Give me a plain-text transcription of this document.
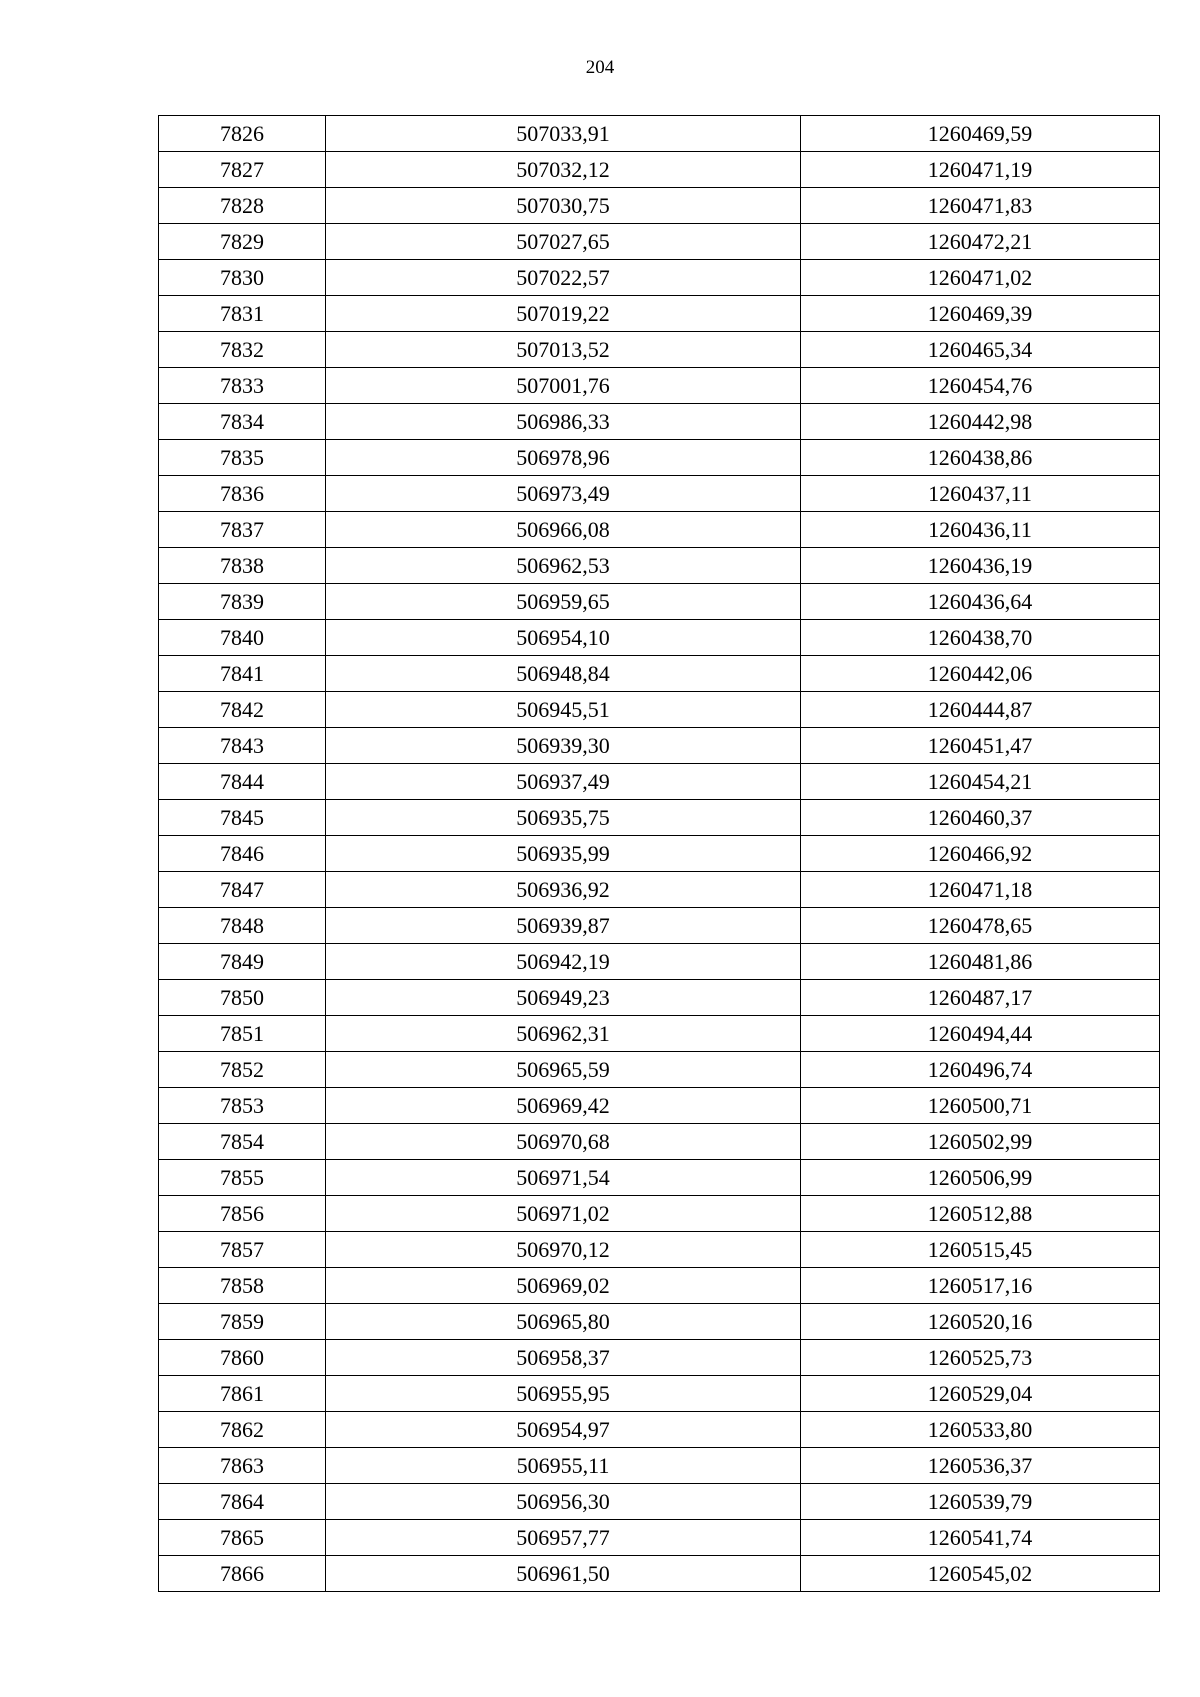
204
7826	507033,91	1260469,59
7827	507032,12	1260471,19
7828	507030,75	1260471,83
7829	507027,65	1260472,21
7830	507022,57	1260471,02
7831	507019,22	1260469,39
7832	507013,52	1260465,34
7833	507001,76	1260454,76
7834	506986,33	1260442,98
7835	506978,96	1260438,86
7836	506973,49	1260437,11
7837	506966,08	1260436,11
7838	506962,53	1260436,19
7839	506959,65	1260436,64
7840	506954,10	1260438,70
7841	506948,84	1260442,06
7842	506945,51	1260444,87
7843	506939,30	1260451,47
7844	506937,49	1260454,21
7845	506935,75	1260460,37
7846	506935,99	1260466,92
7847	506936,92	1260471,18
7848	506939,87	1260478,65
7849	506942,19	1260481,86
7850	506949,23	1260487,17
7851	506962,31	1260494,44
7852	506965,59	1260496,74
7853	506969,42	1260500,71
7854	506970,68	1260502,99
7855	506971,54	1260506,99
7856	506971,02	1260512,88
7857	506970,12	1260515,45
7858	506969,02	1260517,16
7859	506965,80	1260520,16
7860	506958,37	1260525,73
7861	506955,95	1260529,04
7862	506954,97	1260533,80
7863	506955,11	1260536,37
7864	506956,30	1260539,79
7865	506957,77	1260541,74
7866	506961,50	1260545,02
